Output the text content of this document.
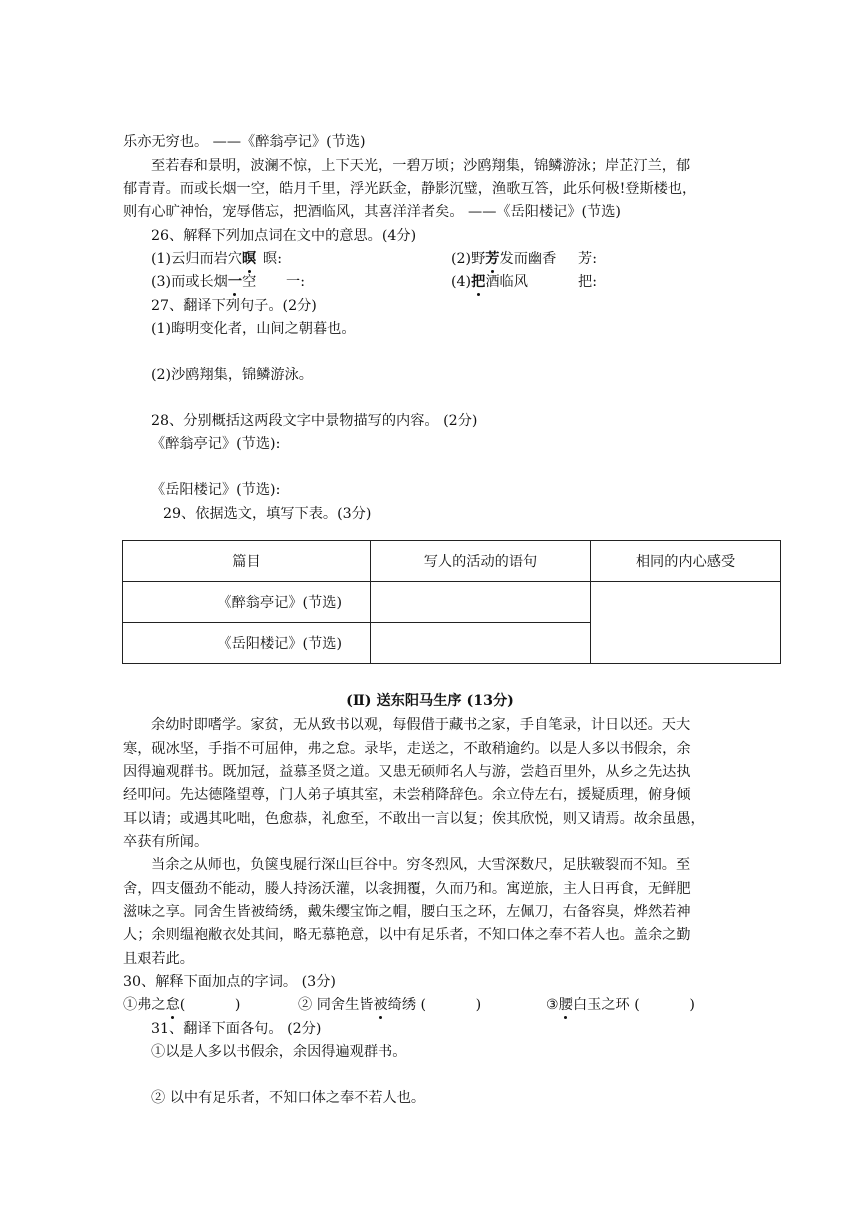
乐亦无穷也。 ——《醉翁亭记》(节选)
至若春和景明，波澜不惊，上下天光，一碧万顷；沙鸥翔集，锦鳞游泳；岸芷汀兰，郁
郁青青。而或长烟一空，皓月千里，浮光跃金，静影沉璧，渔歌互答，此乐何极!登斯楼也，
则有心旷神怡，宠辱偕忘，把酒临风，其喜洋洋者矣。 ——《岳阳楼记》(节选)
26、解释下列加点词在文中的意思。(4分)
(1)云归而岩穴暝 暝:	(2)野芳发而幽香 芳:
(3)而或长烟一空 一:	(4)把酒临风	把:
27、翻译下列句子。(2分)
(1)晦明变化者，山间之朝暮也。
(2)沙鸥翔集，锦鳞游泳。
28、分别概括这两段文字中景物描写的内容。 (2分)
《醉翁亭记》(节选):
《岳阳楼记》(节选):
29、依据选文，填写下表。(3分)
篇目	写人的活动的语句	相同的内心感受
《醉翁亭记》(节选)		
《岳阳楼记》(节选)		
(Ⅱ) 送东阳马生序 (13分)
余幼时即嗜学。家贫，无从致书以观，每假借于藏书之家，手自笔录，计日以还。天大
寒，砚冰坚，手指不可屈伸，弗之怠。录毕，走送之，不敢稍逾约。以是人多以书假余，余
因得遍观群书。既加冠，益慕圣贤之道。又患无硕师名人与游，尝趋百里外，从乡之先达执
经叩问。先达德隆望尊，门人弟子填其室，未尝稍降辞色。余立侍左右，援疑质理，俯身倾
耳以请；或遇其叱咄，色愈恭，礼愈至，不敢出一言以复；俟其欣悦，则又请焉。故余虽愚，
卒获有所闻。
当余之从师也，负箧曳屣行深山巨谷中。穷冬烈风，大雪深数尺，足肤皲裂而不知。至
舍，四支僵劲不能动，媵人持汤沃灌，以衾拥覆，久而乃和。寓逆旅，主人日再食，无鲜肥
滋味之享。同舍生皆被绮绣，戴朱缨宝饰之帽，腰白玉之环，左佩刀，右备容臭，烨然若神
人；余则缊袍敝衣处其间，略无慕艳意，以中有足乐者，不知口体之奉不若人也。盖余之勤
且艰若此。
30、解释下面加点的字词。 (3分)
①弗之怠(           )	② 同舍生皆被绮绣 (           )	③腰白玉之环 (           )
31、翻译下面各句。 (2分)
①以是人多以书假余，余因得遍观群书。
② 以中有足乐者，不知口体之奉不若人也。
